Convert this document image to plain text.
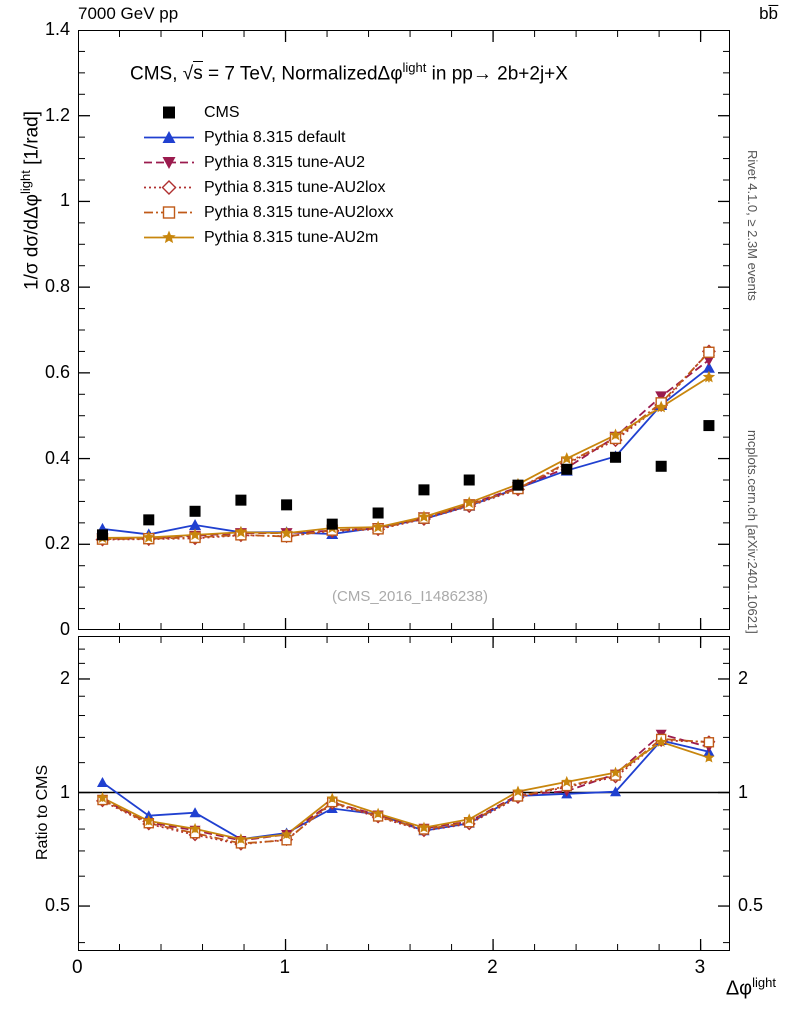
7000 GeV pp	bb̅
Rivet 4.1.0, ≥ 2.3M events
mcplots.cern.ch [arXiv:2401.10621]
CMS, √s = 7 TeV, NormalizedΔφ$^{light}$ in pp→ 2b+2j+X
(CMS_2016_I1486238)
1/σ dσ/dΔφ$^{light}$ [1/rad]
Ratio to CMS
$\Delta\varphi^{light}$
0
0.2
0.4
0.6
0.8
1
1.2
1.4
0.5
1
2
0.5
1
2
0	1	2	3
CMS
Pythia 8.315 default
Pythia 8.315 tune-AU2
Pythia 8.315 tune-AU2lox
Pythia 8.315 tune-AU2loxx
Pythia 8.315 tune-AU2m
